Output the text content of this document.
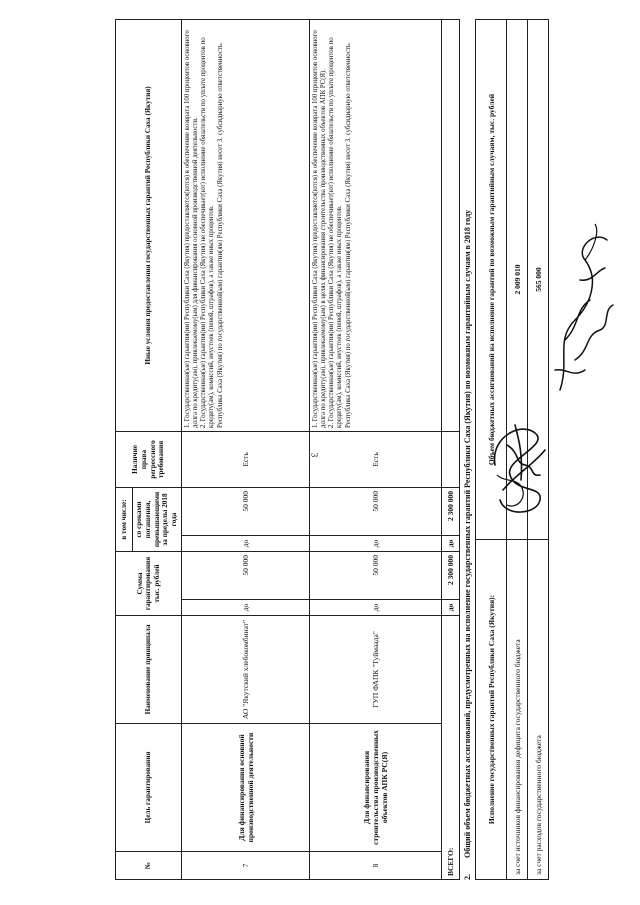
3
№	Цель гарантирования	Наименование принципала	Сумма гарантирования тыс. рублей		в том числе:		Наличие права регрессного требования	Иные условия предоставления государственных гарантий Республики Саха (Якутия)
					со сроками погашения, превышающими за пределы 2018 года			
7	Для финансирования основной производственной деятельности	АО "Якутский хлебокомбинат"	до	50 000	до	50 000	Есть	1. Государственная(ые) гарантия(ии) Республики Саха (Якутия) предоставляется(ются) в обеспечение возврата 100 процентов основного долга по кредиту(ам), привлекаемому(ым) для финансирования основной производственной деятельности. 2. Государственная(ые) гарантия(ии) Республики Саха (Якутия) не обеспечивает(ют) исполнение обязательств по уплате процентов по кредиту(ам), комиссий, неустоек (пеней, штрафов), а также иных процентов. Республика Саха (Якутия) по государственной(ым) гарантии(ям) Республики Саха (Якутия) несет 3. субсидиарную ответственность.

8	Для финансирования строительства производственных объектов АПК РС(Я)	ГУП ФАПК "Туймаада"	до	50 000	до	50 000	Есть	1. Государственная(ые) гарантия(ии) Республики Саха (Якутия) предоставляется(ются) в обеспечение возврата 100 процентов основного долга по кредиту(ам), привлекаемому(ым) в целях финансирования строительства производственных объектов АПК РС(Я). 2. Государственная(ые) гарантия(ии) Республики Саха (Якутия) не обеспечивает(ют) исполнение обязательств по уплате процентов по кредиту(ам), комиссий, неустоек (пеней, штрафов), а также иных процентов. Республика Саха (Якутия) по государственной(ым) гарантии(ям) Республики Саха (Якутия) несет 3. субсидиарную ответственность.

ВСЕГО:			до	2 300 000	до	2 300 000		
2.Общий объем бюджетных ассигнований, предусмотренных на исполнение государственных гарантий Республики Саха (Якутия) по возможным гарантийным случаям в 2018 году Исполнение государственных гарантий Республики Саха (Якутия):	Объем бюджетных ассигнований на исполнение гарантий по возможным гарантийным случаям, тыс. рублей
за счет источников финансирования дефицита государственного бюджета	2 009 010
за счет расходов государственного бюджета	565 000
